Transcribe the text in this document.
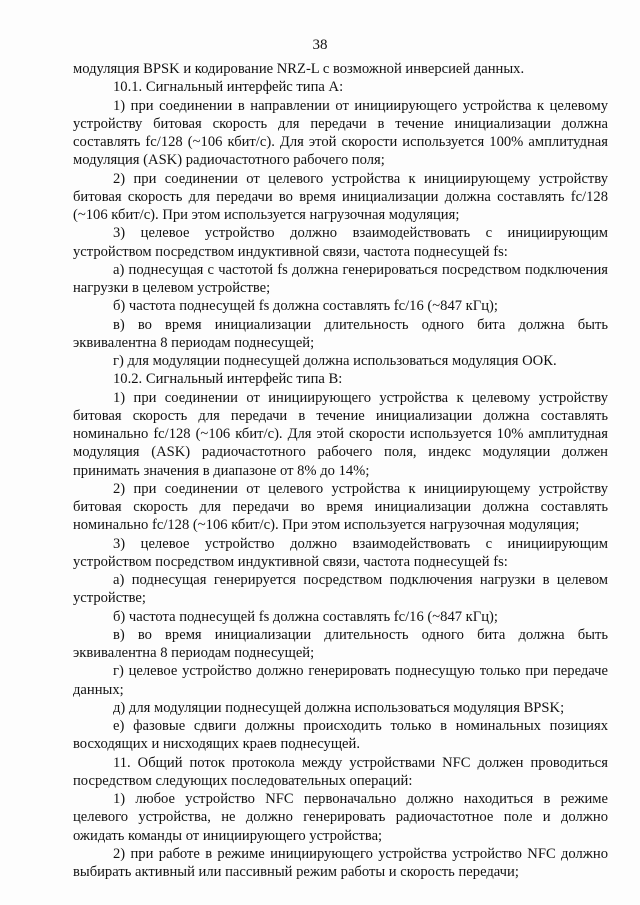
38

модуляция BPSK и кодирование NRZ-L с возможной инверсией данных.

10.1. Сигнальный интерфейс типа А:

1) при соединении в направлении от инициирующего устройства к целевому устройству битовая скорость для передачи в течение инициализации должна составлять fc/128 (~106 кбит/с). Для этой скорости используется 100% амплитудная модуляция (ASK) радиочастотного рабочего поля;

2) при соединении от целевого устройства к инициирующему устройству битовая скорость для передачи во время инициализации должна составлять fc/128 (~106 кбит/с). При этом используется нагрузочная модуляция;

3) целевое устройство должно взаимодействовать с инициирующим устройством посредством индуктивной связи, частота поднесущей fs:

а) поднесущая с частотой fs должна генерироваться посредством подключения нагрузки в целевом устройстве;

б) частота поднесущей fs должна составлять fc/16 (~847 кГц);

в) во время инициализации длительность одного бита должна быть эквивалентна 8 периодам поднесущей;

г) для модуляции поднесущей должна использоваться модуляция ООК.

10.2. Сигнальный интерфейс типа В:

1) при соединении от инициирующего устройства к целевому устройству битовая скорость для передачи в течение инициализации должна составлять номинально fc/128 (~106 кбит/с). Для этой скорости используется 10% амплитудная модуляция (ASK) радиочастотного рабочего поля, индекс модуляции должен принимать значения в диапазоне от 8% до 14%;

2) при соединении от целевого устройства к инициирующему устройству битовая скорость для передачи во время инициализации должна составлять номинально fc/128 (~106 кбит/с). При этом используется нагрузочная модуляция;

3) целевое устройство должно взаимодействовать с инициирующим устройством посредством индуктивной связи, частота поднесущей fs:

а) поднесущая генерируется посредством подключения нагрузки в целевом устройстве;

б) частота поднесущей fs должна составлять fc/16 (~847 кГц);

в) во время инициализации длительность одного бита должна быть эквивалентна 8 периодам поднесущей;

г) целевое устройство должно генерировать поднесущую только при передаче данных;

д) для модуляции поднесущей должна использоваться модуляция BPSK;

е) фазовые сдвиги должны происходить только в номинальных позициях восходящих и нисходящих краев поднесущей.

11. Общий поток протокола между устройствами NFC должен проводиться посредством следующих последовательных операций:

1) любое устройство NFC первоначально должно находиться в режиме целевого устройства, не должно генерировать радиочастотное поле и должно ожидать команды от инициирующего устройства;

2) при работе в режиме инициирующего устройства устройство NFC должно выбирать активный или пассивный режим работы и скорость передачи;
